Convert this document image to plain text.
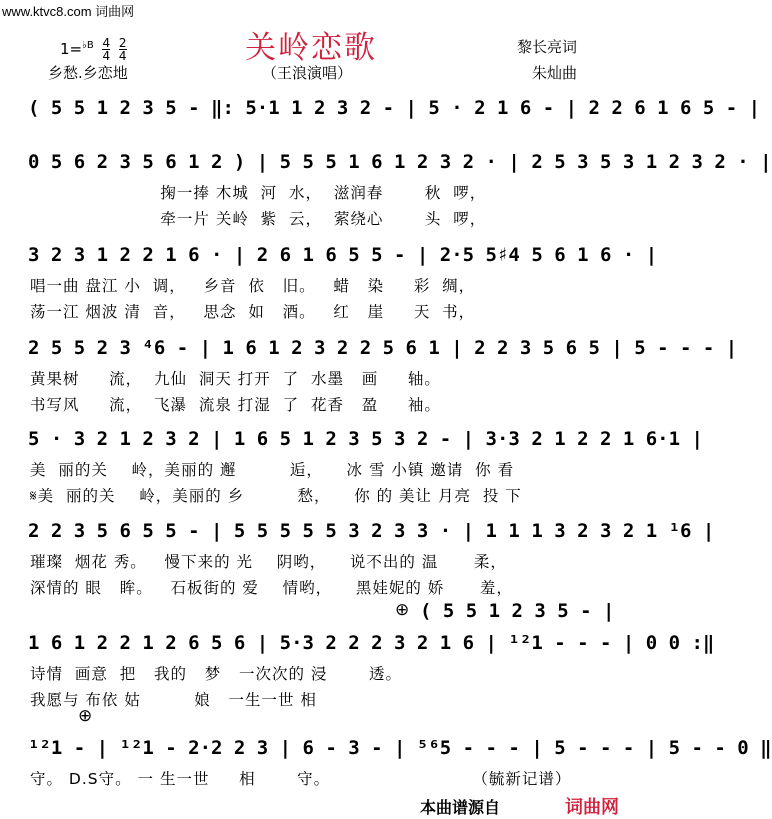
www.ktvc8.com 词曲网
关岭恋歌
$1=^{♭B} \frac{4}{4}$
$\frac{2}{4}$	黎长亮词
朱灿曲
乡愁.乡恋地	（王浪演唱）
⊕ ( 5 5 1 2 3 5 - |
⊕
( 5 5 1 2 3 5 - ‖: 5·1 1 2 3 2 - | 5 · 2 1 6 - | 2 2 6 1 6 5 - |
0 5 6 2 3 5 6 1 2 ) | 5 5 5 1 6 1 2 3 2 · | 2 5 3 5 3 1 2 3 2 · |
掬一捧 木城  河  水，  滋润春       秋  啰，
牵一片 关岭  紫  云，  萦绕心       头  啰，
3 2 3 1 2 2 1 6 · | 2 6 1 6 5 5 - | 2·5 5♯4 5 6 1 6 · |
唱一曲 盘江 小  调，   乡音  依   旧。   蜡   染     彩  绸，
荡一江 烟波 清  音，   思念  如   酒。   红   崖     天  书，
2 5 5 2 3 ⁴6 - | 1 6 1 2 3 2 2 5 6 1 | 2 2 3 5 6 5 | 5 - - - |
黄果树     流，  九仙  洞天 打开  了  水墨   画     轴。
书写风     流，  飞瀑  流泉 打湿  了  花香   盈     袖。
5 · 3 2 1 2 3 2 | 1 6 5 1 2 3 5 3 2 - | 3·3 2 1 2 2 1 6·1 |
美  丽的关    岭，美丽的 邂         逅，    冰 雪 小镇 邀请  你 看
𝄋美  丽的关    岭，美丽的 乡         愁，    你 的 美让 月亮  投 下
2 2 3 5 6 5 5 - | 5 5 5 5 5 3 2 3 3 · | 1 1 1 3 2 3 2 1 ¹6 |
璀璨  烟花 秀。   慢下来的 光    阴哟，    说不出的 温      柔，
深情的 眼   眸。   石板街的 爱    情哟，    黑娃妮的 娇      羞，
1 6 1 2 2 1 2 6 5 6 | 5·3 2 2 2 3 2 1 6 | ¹²1 - - - | 0 0 :‖
诗情  画意  把   我的   梦   一次次的 浸       透。
我愿与 布依 姑         娘   一生一世 相
¹²1 - | ¹²1 - 2·2 2 3 | 6 - 3 - | ⁵⁶5 - - - | 5 - - - | 5 - - 0 ‖
守。 D.S守。 一 生一世     相       守。                        （毓新记谱）
本曲谱源自	词曲网
